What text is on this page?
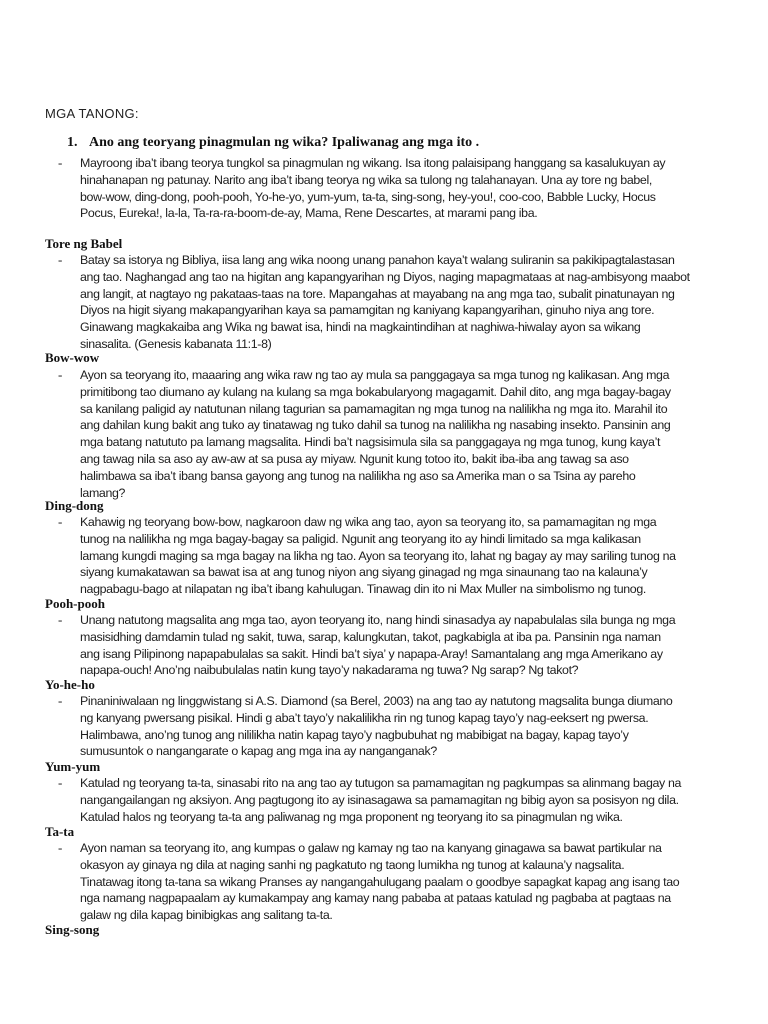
MGA TANONG:
1. Ano ang teoryang pinagmulan ng wika? Ipaliwanag ang mga ito .
- Mayroong iba’t ibang teorya tungkol sa pinagmulan ng wikang. Isa itong palaisipang hanggang sa kasalukuyan ay
hinahanapan ng patunay. Narito ang iba’t ibang teorya ng wika sa tulong ng talahanayan. Una ay tore ng babel,
bow-wow, ding-dong, pooh-pooh, Yo-he-yo, yum-yum, ta-ta, sing-song, hey-you!, coo-coo, Babble Lucky, Hocus
Pocus, Eureka!, la-la, Ta-ra-ra-boom-de-ay, Mama, Rene Descartes, at marami pang iba.
Tore ng Babel
- Batay sa istorya ng Bibliya, iisa lang ang wika noong unang panahon kaya’t walang suliranin sa pakikipagtalastasan
ang tao. Naghangad ang tao na higitan ang kapangyarihan ng Diyos, naging mapagmataas at nag-ambisyong maabot
ang langit, at nagtayo ng pakataas-taas na tore. Mapangahas at mayabang na ang mga tao, subalit pinatunayan ng
Diyos na higit siyang makapangyarihan kaya sa pamamgitan ng kaniyang kapangyarihan, ginuho niya ang tore.
Ginawang magkakaiba ang Wika ng bawat isa, hindi na magkaintindihan at naghiwa-hiwalay ayon sa wikang
sinasalita. (Genesis kabanata 11:1-8)
Bow-wow
- Ayon sa teoryang ito, maaaring ang wika raw ng tao ay mula sa panggagaya sa mga tunog ng kalikasan. Ang mga
primitibong tao diumano ay kulang na kulang sa mga bokabularyong magagamit. Dahil dito, ang mga bagay-bagay
sa kanilang paligid ay natutunan nilang tagurian sa pamamagitan ng mga tunog na nalilikha ng mga ito. Marahil ito
ang dahilan kung bakit ang tuko ay tinatawag ng tuko dahil sa tunog na nalilikha ng nasabing insekto. Pansinin ang
mga batang natututo pa lamang magsalita. Hindi ba’t nagsisimula sila sa panggagaya ng mga tunog, kung kaya’t
ang tawag nila sa aso ay aw-aw at sa pusa ay miyaw. Ngunit kung totoo ito, bakit iba-iba ang tawag sa aso
halimbawa sa iba’t ibang bansa gayong ang tunog na nalilikha ng aso sa Amerika man o sa Tsina ay pareho
lamang?
Ding-dong
- Kahawig ng teoryang bow-bow, nagkaroon daw ng wika ang tao, ayon sa teoryang ito, sa pamamagitan ng mga
tunog na nalilikha ng mga bagay-bagay sa paligid. Ngunit ang teoryang ito ay hindi limitado sa mga kalikasan
lamang kungdi maging sa mga bagay na likha ng tao. Ayon sa teoryang ito, lahat ng bagay ay may sariling tunog na
siyang kumakatawan sa bawat isa at ang tunog niyon ang siyang ginagad ng mga sinaunang tao na kalauna’y
nagpabagu-bago at nilapatan ng iba’t ibang kahulugan. Tinawag din ito ni Max Muller na simbolismo ng tunog.
Pooh-pooh
- Unang natutong magsalita ang mga tao, ayon teoryang ito, nang hindi sinasadya ay napabulalas sila bunga ng mga
masisidhing damdamin tulad ng sakit, tuwa, sarap, kalungkutan, takot, pagkabigla at iba pa. Pansinin nga naman
ang isang Pilipinong napapabulalas sa sakit. Hindi ba’t siya’ y napapa-Aray! Samantalang ang mga Amerikano ay
napapa-ouch! Ano’ng naibubulalas natin kung tayo’y nakadarama ng tuwa? Ng sarap? Ng takot?
Yo-he-ho
- Pinaniniwalaan ng linggwistang si A.S. Diamond (sa Berel, 2003) na ang tao ay natutong magsalita bunga diumano
ng kanyang pwersang pisikal. Hindi g aba’t tayo’y nakalilikha rin ng tunog kapag tayo’y nag-eeksert ng pwersa.
Halimbawa, ano’ng tunog ang nililikha natin kapag tayo’y nagbubuhat ng mabibigat na bagay, kapag tayo’y
sumusuntok o nangangarate o kapag ang mga ina ay nanganganak?
Yum-yum
- Katulad ng teoryang ta-ta, sinasabi rito na ang tao ay tutugon sa pamamagitan ng pagkumpas sa alinmang bagay na
nangangailangan ng aksiyon. Ang pagtugong ito ay isinasagawa sa pamamagitan ng bibig ayon sa posisyon ng dila.
Katulad halos ng teoryang ta-ta ang paliwanag ng mga proponent ng teoryang ito sa pinagmulan ng wika.
Ta-ta
- Ayon naman sa teoryang ito, ang kumpas o galaw ng kamay ng tao na kanyang ginagawa sa bawat partikular na
okasyon ay ginaya ng dila at naging sanhi ng pagkatuto ng taong lumikha ng tunog at kalauna’y nagsalita.
Tinatawag itong ta-tana sa wikang Pranses ay nangangahulugang paalam o goodbye sapagkat kapag ang isang tao
nga namang nagpapaalam ay kumakampay ang kamay nang pababa at pataas katulad ng pagbaba at pagtaas na
galaw ng dila kapag binibigkas ang salitang ta-ta.
Sing-song
